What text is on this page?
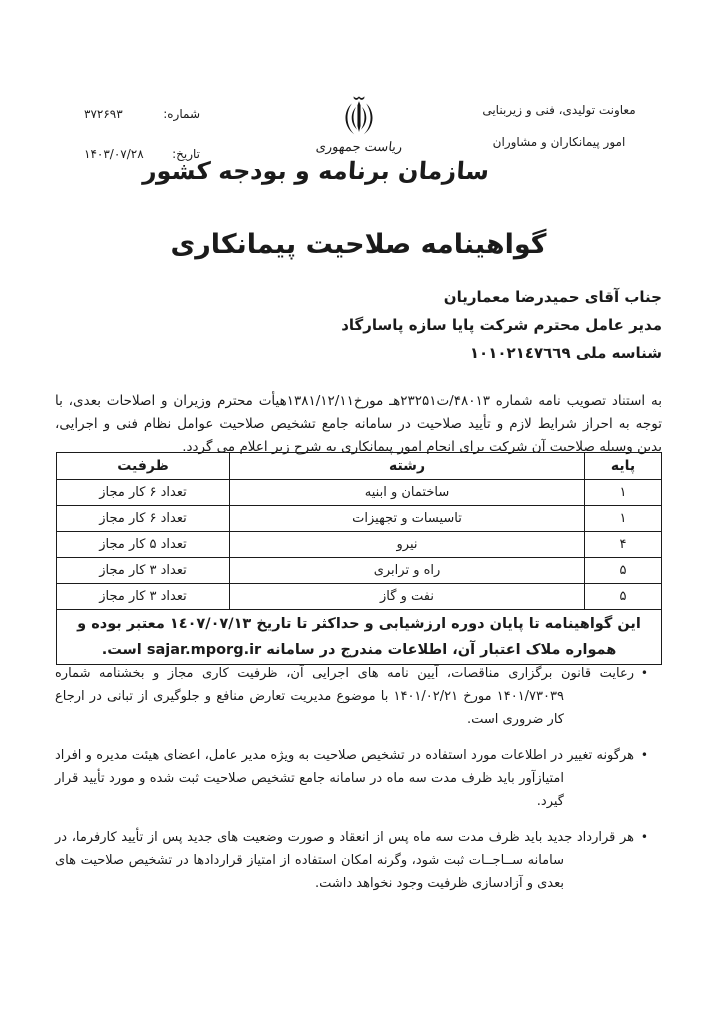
شماره:
۳۷۲۶۹۳
تاریخ:
۱۴۰۳/۰۷/۲۸	ریاست جمهوری
سازمان برنامه و بودجه کشور
معاونت تولیدی، فنی و زیربنایی
امور پیمانکاران و مشاوران
گواهینامه صلاحیت پیمانکاری
جناب آقای حمیدرضا معماریان
مدیر عامل محترم شرکت پایا سازه پاسارگاد
شناسه ملی ۱۰۱۰۲۱٤۷٦٦۹

به استناد تصویب نامه شماره ۴۸۰۱۳/ت۲۳۲۵۱هـ مورخ۱۳۸۱/۱۲/۱۱هیأت محترم وزیران و اصلاحات بعدی، با توجه به احراز شرایط لازم و تأیید صلاحیت در سامانه جامع تشخیص صلاحیت عوامل نظام فنی و اجرایی، بدین وسیله صلاحیت آن شرکت برای انجام امور پیمانکاری به شرح زیر اعلام می گردد.

پایه	رشته	ظرفیت
۱	ساختمان و ابنیه	تعداد ۶ کار مجاز
۱	تاسیسات و تجهیزات	تعداد ۶ کار مجاز
۴	نیرو	تعداد ۵ کار مجاز
۵	راه و ترابری	تعداد ۳ کار مجاز
۵	نفت و گاز	تعداد ۳ کار مجاز

این گواهینامه تا پایان دوره ارزشیابی و حداکثر تا تاریخ ۱٤۰۷/۰۷/۱۳ معتبر بوده و
همواره ملاک اعتبار آن، اطلاعات مندرج در سامانه sajar.mporg.ir است.		
•رعایت قانون برگزاری مناقصات، آیین نامه های اجرایی آن، ظرفیت کاری مجاز و بخشنامه شماره ۱۴۰۱/۷۳۰۳۹ مورخ ۱۴۰۱/۰۲/۲۱ با موضوع مدیریت تعارض منافع و جلوگیری از تبانی در ارجاع کار ضروری است.
•هرگونه تغییر در اطلاعات مورد استفاده در تشخیص صلاحیت به ویژه مدیر عامل، اعضای هیئت مدیره و افراد امتیازآور باید ظرف مدت سه ماه در سامانه جامع تشخیص صلاحیت ثبت شده و مورد تأیید قرار گیرد.
•هر قرارداد جدید باید ظرف مدت سه ماه پس از انعقاد و صورت وضعیت های جدید پس از تأیید کارفرما، در سامانه ســاجــات ثبت شود، وگرنه امکان استفاده از امتیاز قراردادها در تشخیص صلاحیت های بعدی و آزادسازی ظرفیت وجود نخواهد داشت.
